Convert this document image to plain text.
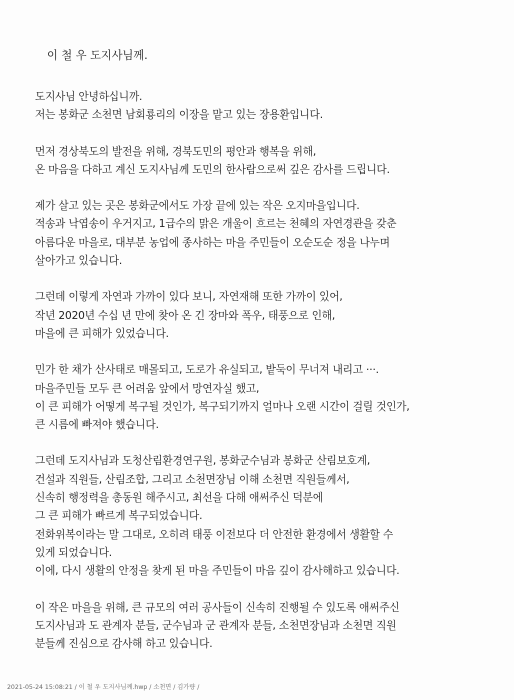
이 철 우 도지사님께.
도지사님 안녕하십니까.
저는 봉화군 소천면 남회룡리의 이장을 맡고 있는 장용환입니다.
먼저 경상북도의 발전을 위해, 경북도민의 평안과 행복을 위해,
온 마음을 다하고 계신 도지사님께 도민의 한사람으로써 깊은 감사를 드립니다.
제가 살고 있는 곳은 봉화군에서도 가장 끝에 있는 작은 오지마을입니다.
적송과 낙엽송이 우거지고, 1급수의 맑은 개울이 흐르는 천혜의 자연경관을 갖춘
아름다운 마을로, 대부분 농업에 종사하는 마을 주민들이 오순도순 정을 나누며
살아가고 있습니다.
그런데 이렇게 자연과 가까이 있다 보니, 자연재해 또한 가까이 있어,
작년 2020년 수십 년 만에 찾아 온 긴 장마와 폭우, 태풍으로 인해,
마을에 큰 피해가 있었습니다.
민가 한 채가 산사태로 매몰되고, 도로가 유실되고, 밭둑이 무너져 내리고 ···.
마을주민들 모두 큰 어려움 앞에서 망연자실 했고,
이 큰 피해가 어떻게 복구될 것인가, 복구되기까지 얼마나 오랜 시간이 걸릴 것인가,
큰 시름에 빠져야 했습니다.
그런데 도지사님과 도청산림환경연구원, 봉화군수님과 봉화군 산림보호계,
건설과 직원들, 산림조합, 그리고 소천면장님 이해 소천면 직원들께서,
신속히 행정력을 총동원 해주시고, 최선을 다해 애써주신 덕분에
그 큰 피해가 빠르게 복구되었습니다.
전화위복이라는 말 그대로, 오히려 태풍 이전보다 더 안전한 환경에서 생활할 수
있게 되었습니다.
이에, 다시 생활의 안정을 찾게 된 마을 주민들이 마음 깊이 감사해하고 있습니다.
이 작은 마을을 위해, 큰 규모의 여러 공사들이 신속히 진행될 수 있도록 애써주신
도지사님과 도 관계자 분들, 군수님과 군 관계자 분들, 소천면장님과 소천면 직원
분들께 진심으로 감사해 하고 있습니다.
2021-05-24 15:08:21 / 이 철 우 도지사님께.hwp / 소천면 / 김가량 /
